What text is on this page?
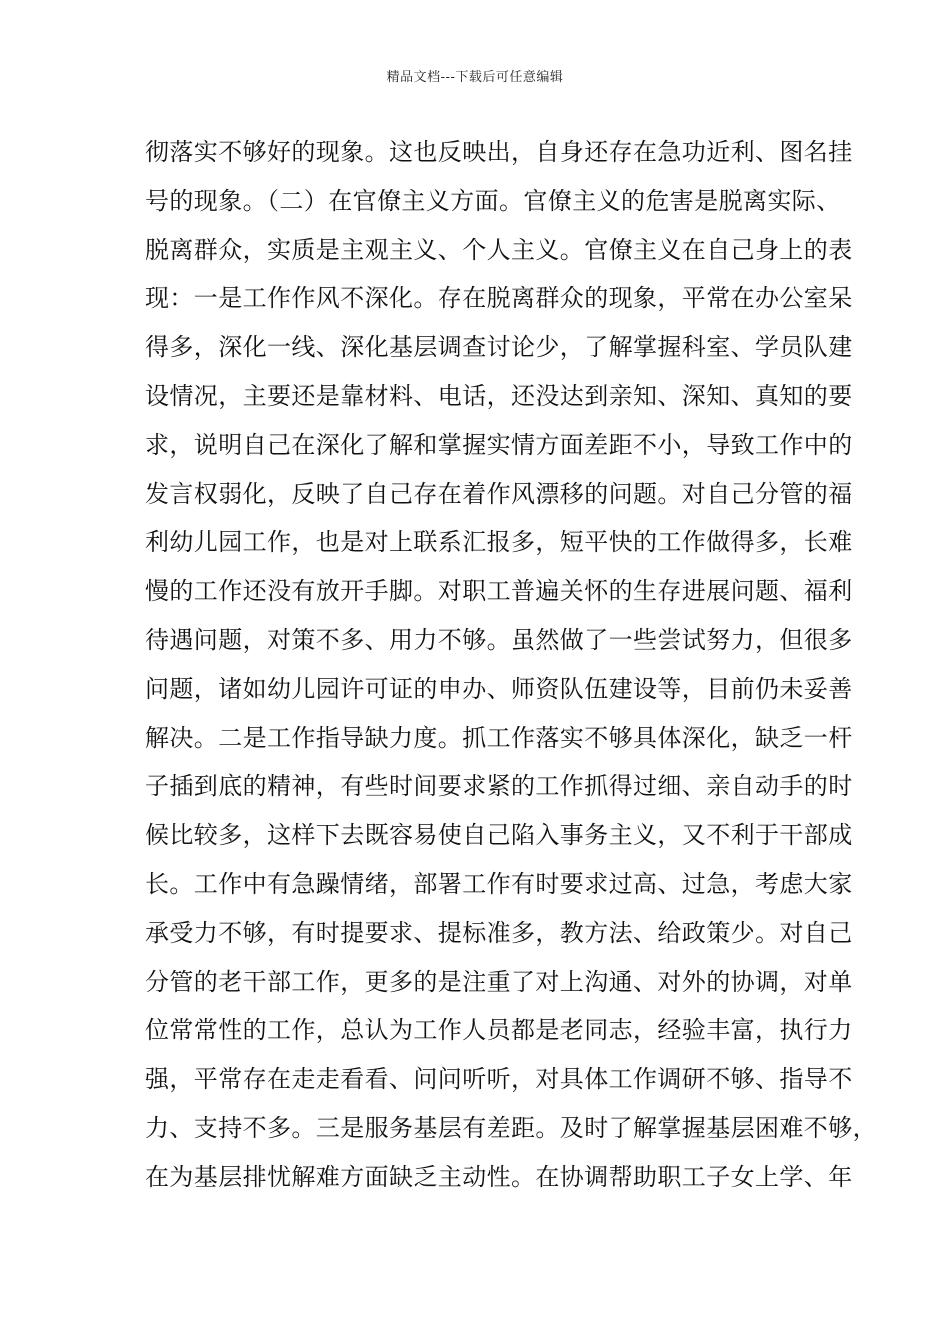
精品文档---下载后可任意编辑
彻落实不够好的现象。这也反映出，自身还存在急功近利、图名挂
号的现象。（二）在官僚主义方面。官僚主义的危害是脱离实际、
脱离群众，实质是主观主义、个人主义。官僚主义在自己身上的表
现：一是工作作风不深化。存在脱离群众的现象，平常在办公室呆
得多，深化一线、深化基层调查讨论少，了解掌握科室、学员队建
设情况，主要还是靠材料、电话，还没达到亲知、深知、真知的要
求，说明自己在深化了解和掌握实情方面差距不小，导致工作中的
发言权弱化，反映了自己存在着作风漂移的问题。对自己分管的福
利幼儿园工作，也是对上联系汇报多，短平快的工作做得多，长难
慢的工作还没有放开手脚。对职工普遍关怀的生存进展问题、福利
待遇问题，对策不多、用力不够。虽然做了一些尝试努力，但很多
问题，诸如幼儿园许可证的申办、师资队伍建设等，目前仍未妥善
解决。二是工作指导缺力度。抓工作落实不够具体深化，缺乏一杆
子插到底的精神，有些时间要求紧的工作抓得过细、亲自动手的时
候比较多，这样下去既容易使自己陷入事务主义，又不利于干部成
长。工作中有急躁情绪，部署工作有时要求过高、过急，考虑大家
承受力不够，有时提要求、提标准多，教方法、给政策少。对自己
分管的老干部工作，更多的是注重了对上沟通、对外的协调，对单
位常常性的工作，总认为工作人员都是老同志，经验丰富，执行力
强，平常存在走走看看、问问听听，对具体工作调研不够、指导不
力、支持不多。三是服务基层有差距。及时了解掌握基层困难不够，
在为基层排忧解难方面缺乏主动性。在协调帮助职工子女上学、年
